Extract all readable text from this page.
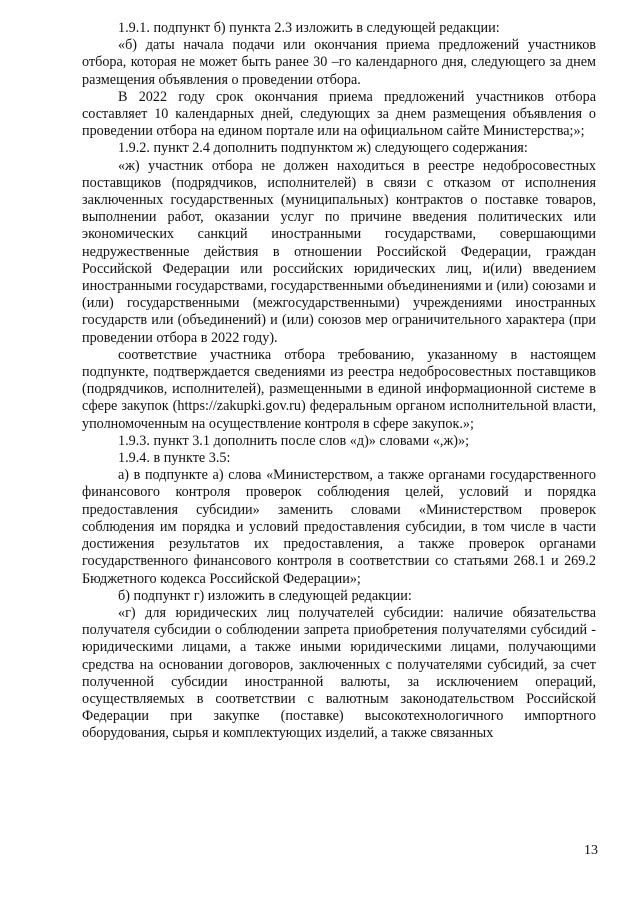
1.9.1. подпункт б) пункта 2.3 изложить в следующей редакции:

«б) даты начала подачи или окончания приема предложений участников отбора, которая не может быть ранее 30 –го календарного дня, следующего за днем размещения объявления о проведении отбора.

В 2022 году срок окончания приема предложений участников отбора составляет 10 календарных дней, следующих за днем размещения объявления о проведении отбора на едином портале или на официальном сайте Министерства;»;

1.9.2. пункт 2.4 дополнить подпунктом ж) следующего содержания:

«ж) участник отбора не должен находиться в реестре недобросовестных поставщиков (подрядчиков, исполнителей) в связи с отказом от исполнения заключенных государственных (муниципальных) контрактов о поставке товаров, выполнении работ, оказании услуг по причине введения политических или экономических санкций иностранными государствами, совершающими недружественные действия в отношении Российской Федерации, граждан Российской Федерации или российских юридических лиц, и(или) введением иностранными государствами, государственными объединениями и (или) союзами и (или) государственными (межгосударственными) учреждениями иностранных государств или (объединений) и (или) союзов мер ограничительного характера (при проведении отбора в 2022 году).

соответствие участника отбора требованию, указанному в настоящем подпункте, подтверждается сведениями из реестра недобросовестных поставщиков (подрядчиков, исполнителей), размещенными в единой информационной системе в сфере закупок (https://zakupki.gov.ru) федеральным органом исполнительной власти, уполномоченным на осуществление контроля в сфере закупок.»;

1.9.3. пункт 3.1 дополнить после слов «д)» словами «,ж)»;

1.9.4. в пункте 3.5:

а) в подпункте а) слова «Министерством, а также органами государственного финансового контроля проверок соблюдения целей, условий и порядка предоставления субсидии» заменить словами «Министерством проверок соблюдения им порядка и условий предоставления субсидии, в том числе в части достижения результатов их предоставления, а также проверок органами государственного финансового контроля в соответствии со статьями 268.1 и 269.2 Бюджетного кодекса Российской Федерации»;

б) подпункт г) изложить в следующей редакции:

«г) для юридических лиц получателей субсидии: наличие обязательства получателя субсидии о соблюдении запрета приобретения получателями субсидий - юридическими лицами, а также иными юридическими лицами, получающими средства на основании договоров, заключенных с получателями субсидий, за счет полученной субсидии иностранной валюты, за исключением операций, осуществляемых в соответствии с валютным законодательством Российской Федерации при закупке (поставке) высокотехнологичного импортного оборудования, сырья и комплектующих изделий, а также связанных

13
